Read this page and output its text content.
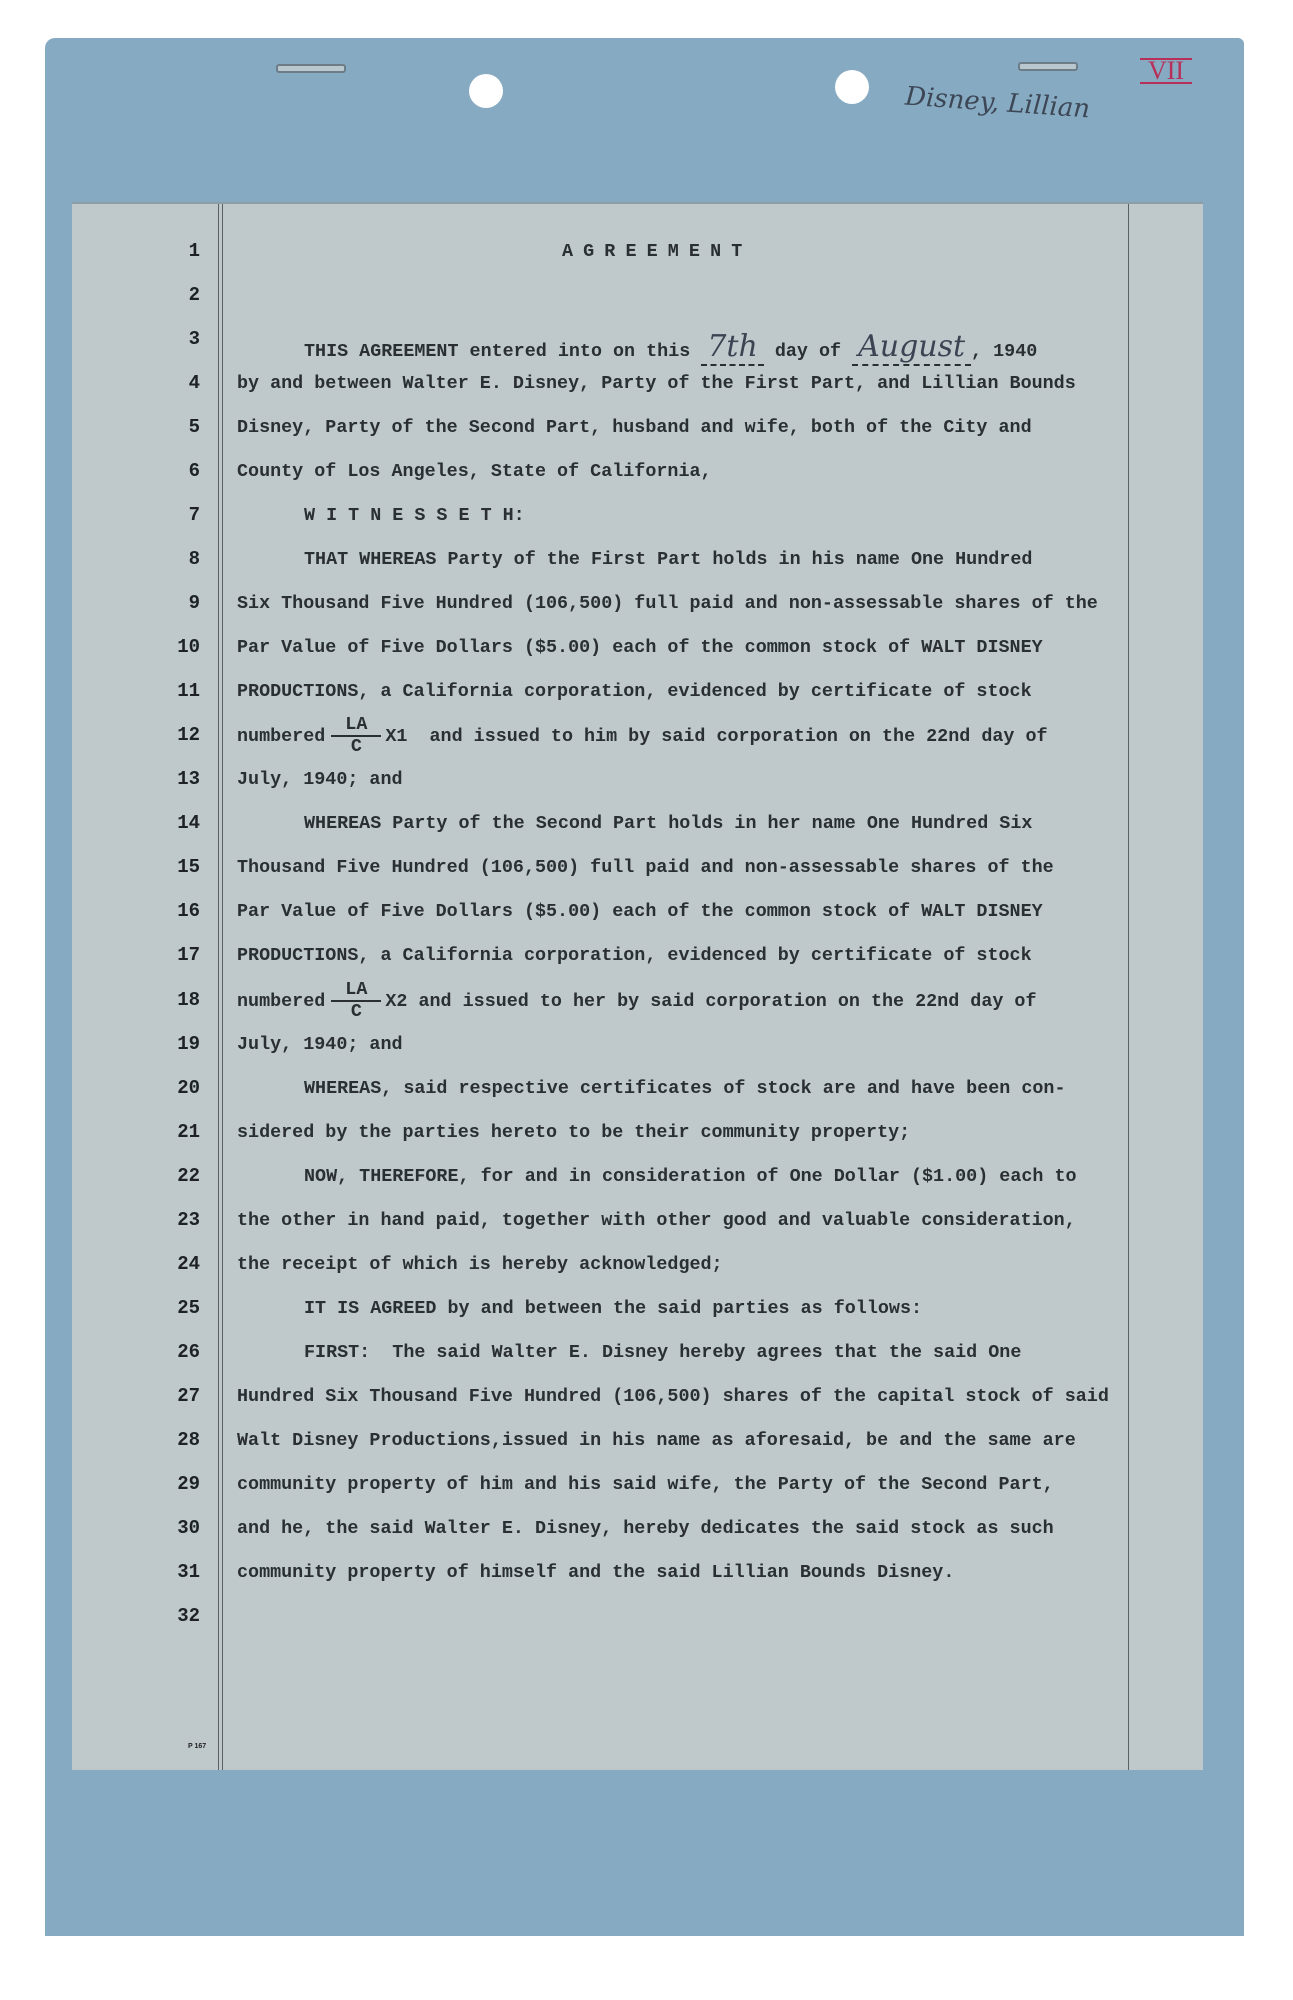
Disney, Lillian
VII
1	AGREEMENT
2
3
THIS AGREEMENT entered into on this 7th day of August , 1940
4 by and between Walter E. Disney, Party of the First Part, and Lillian Bounds
5 Disney, Party of the Second Part, husband and wife, both of the City and
6 County of Los Angeles, State of California,
7	W I T N E S S E T H:
8	THAT WHEREAS Party of the First Part holds in his name One Hundred
9 Six Thousand Five Hundred (106,500) full paid and non-assessable shares of the
10 Par Value of Five Dollars ($5.00) each of the common stock of WALT DISNEY
11 PRODUCTIONS, a California corporation, evidenced by certificate of stock
12 numbered $\frac{LA}{C} X1$  and issued to him by said corporation on the 22nd day of
13 July, 1940; and
14	WHEREAS Party of the Second Part holds in her name One Hundred Six
15 Thousand Five Hundred (106,500) full paid and non-assessable shares of the
16 Par Value of Five Dollars ($5.00) each of the common stock of WALT DISNEY
17 PRODUCTIONS, a California corporation, evidenced by certificate of stock
18 numbered $\frac{LA}{C} X2$ and issued to her by said corporation on the 22nd day of
19 July, 1940; and
20	WHEREAS, said respective certificates of stock are and have been con-
21 sidered by the parties hereto to be their community property;
22	NOW, THEREFORE, for and in consideration of One Dollar ($1.00) each to
23 the other in hand paid, together with other good and valuable consideration,
24 the receipt of which is hereby acknowledged;
25	IT IS AGREED by and between the said parties as follows:
26	FIRST:  The said Walter E. Disney hereby agrees that the said One
27 Hundred Six Thousand Five Hundred (106,500) shares of the capital stock of said
28 Walt Disney Productions,issued in his name as aforesaid, be and the same are
29 community property of him and his said wife, the Party of the Second Part,
30 and he, the said Walter E. Disney, hereby dedicates the said stock as such
31 community property of himself and the said Lillian Bounds Disney.
32
P 167
